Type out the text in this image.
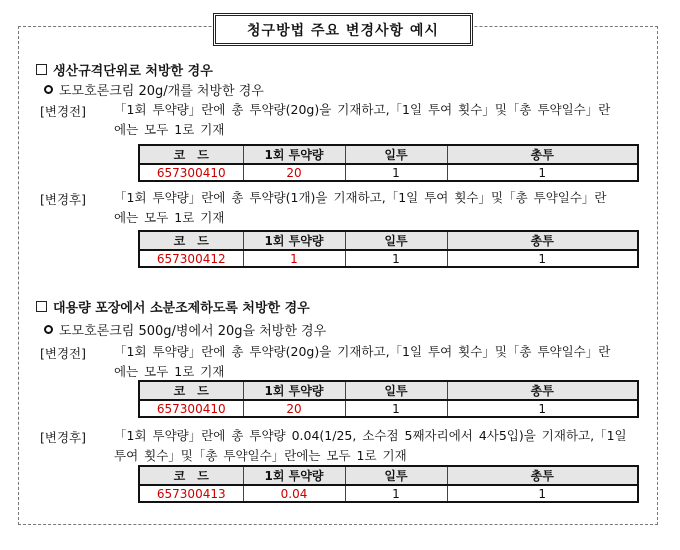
청구방법 주요 변경사항 예시
생산규격단위로 처방한 경우
도모호론크림 20g/개를 처방한 경우
[변경전] 「1회 투약량」란에 총 투약량(20g)을 기재하고,「1일 투여 횟수」및「총 투약일수」란
에는 모두 1로 기재
코　드	1회 투약량	일투	총투
657300410	20	1	1
[변경후] 「1회 투약량」란에 총 투약량(1개)을 기재하고,「1일 투여 횟수」및「총 투약일수」란
에는 모두 1로 기재
코　드	1회 투약량	일투	총투
657300412	1	1	1
대용량 포장에서 소분조제하도록 처방한 경우
도모호론크림 500g/병에서 20g을 처방한 경우
[변경전] 「1회 투약량」란에 총 투약량(20g)을 기재하고,「1일 투여 횟수」및「총 투약일수」란
에는 모두 1로 기재
코　드	1회 투약량	일투	총투
657300410	20	1	1
[변경후] 「1회 투약량」란에 총 투약량 0.04(1/25, 소수점 5째자리에서 4사5입)을 기재하고,「1일
투여 횟수」및「총 투약일수」란에는 모두 1로 기재
코　드	1회 투약량	일투	총투
657300413	0.04	1	1
